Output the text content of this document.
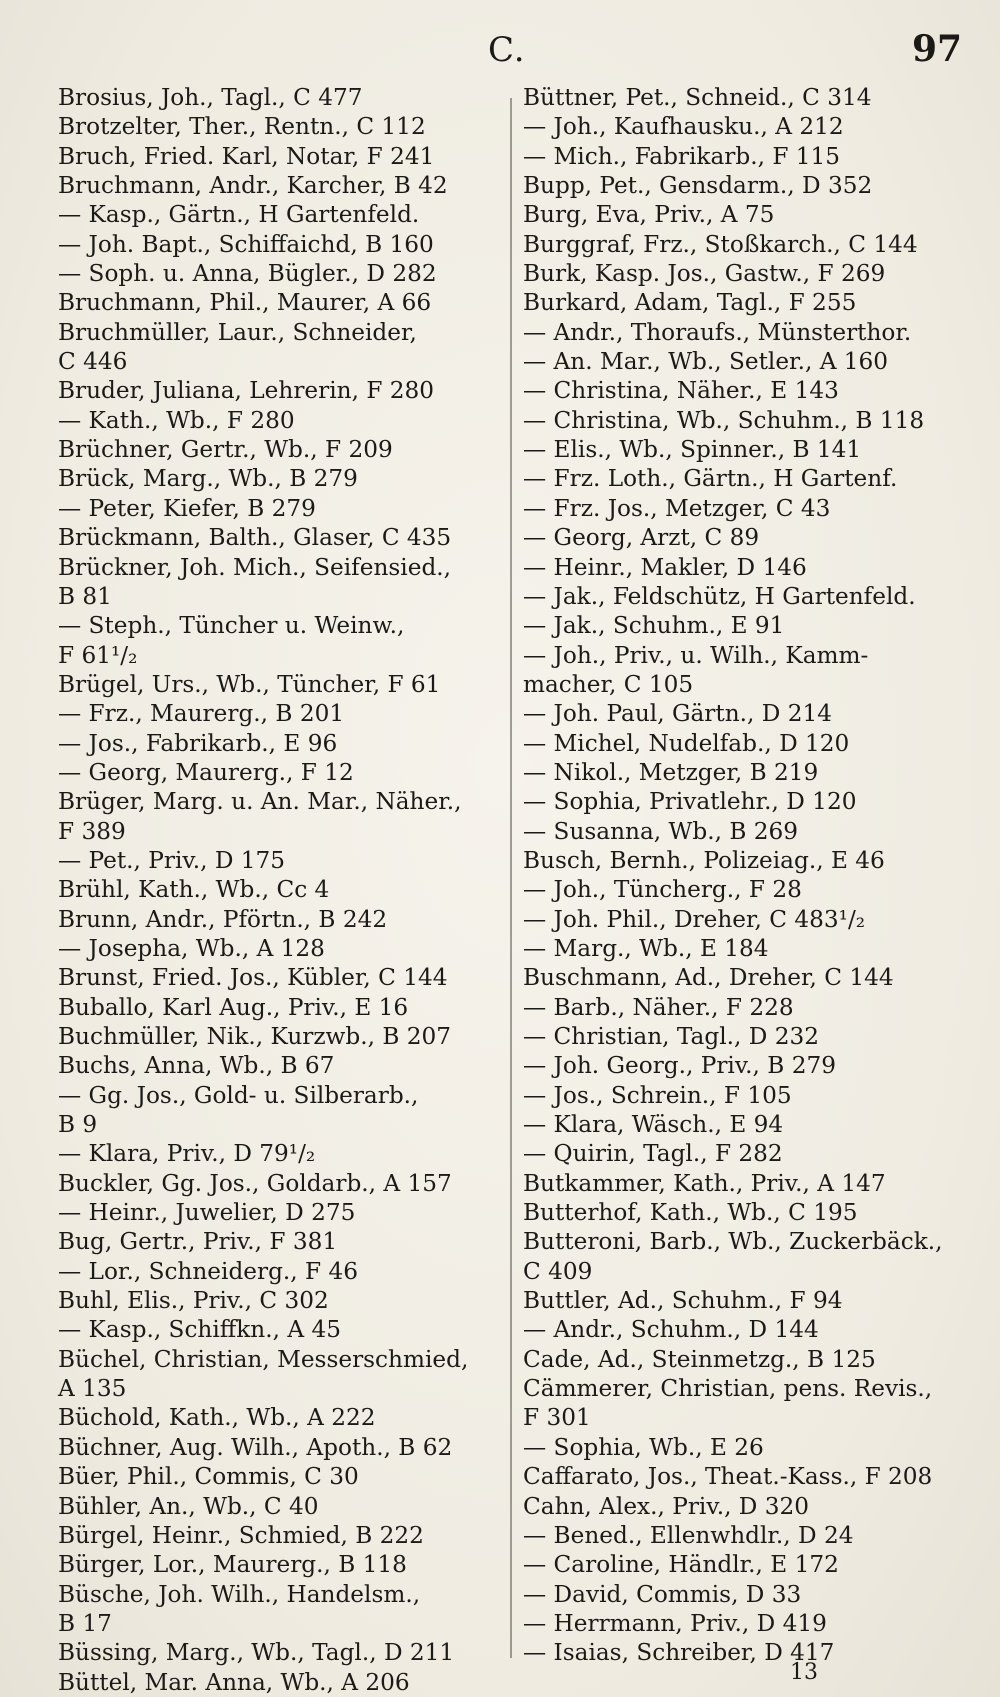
C.	97
Brosius, Joh., Tagl., C 477
Brotzelter, Ther., Rentn., C 112
Bruch, Fried. Karl, Notar, F 241
Bruchmann, Andr., Karcher, B 42
— Kasp., Gärtn., H Gartenfeld.
— Joh. Bapt., Schiffaichd, B 160
— Soph. u. Anna, Bügler., D 282
Bruchmann, Phil., Maurer, A 66
Bruchmüller, Laur., Schneider,
C 446
Bruder, Juliana, Lehrerin, F 280
— Kath., Wb., F 280
Brüchner, Gertr., Wb., F 209
Brück, Marg., Wb., B 279
— Peter, Kiefer, B 279
Brückmann, Balth., Glaser, C 435
Brückner, Joh. Mich., Seifensied.,
B 81
— Steph., Tüncher u. Weinw.,
F 61¹/₂
Brügel, Urs., Wb., Tüncher, F 61
— Frz., Maurerg., B 201
— Jos., Fabrikarb., E 96
— Georg, Maurerg., F 12
Brüger, Marg. u. An. Mar., Näher.,
F 389
— Pet., Priv., D 175
Brühl, Kath., Wb., Cc 4
Brunn, Andr., Pförtn., B 242
— Josepha, Wb., A 128
Brunst, Fried. Jos., Kübler, C 144
Buballo, Karl Aug., Priv., E 16
Buchmüller, Nik., Kurzwb., B 207
Buchs, Anna, Wb., B 67
— Gg. Jos., Gold- u. Silberarb.,
B 9
— Klara, Priv., D 79¹/₂
Buckler, Gg. Jos., Goldarb., A 157
— Heinr., Juwelier, D 275
Bug, Gertr., Priv., F 381
— Lor., Schneiderg., F 46
Buhl, Elis., Priv., C 302
— Kasp., Schiffkn., A 45
Büchel, Christian, Messerschmied,
A 135
Büchold, Kath., Wb., A 222
Büchner, Aug. Wilh., Apoth., B 62
Büer, Phil., Commis, C 30
Bühler, An., Wb., C 40
Bürgel, Heinr., Schmied, B 222
Bürger, Lor., Maurerg., B 118
Büsche, Joh. Wilh., Handelsm.,
B 17
Büssing, Marg., Wb., Tagl., D 211
Büttel, Mar. Anna, Wb., A 206
Büttner, Pet., Schneid., C 314
— Joh., Kaufhausku., A 212
— Mich., Fabrikarb., F 115
Bupp, Pet., Gensdarm., D 352
Burg, Eva, Priv., A 75
Burggraf, Frz., Stoßkarch., C 144
Burk, Kasp. Jos., Gastw., F 269
Burkard, Adam, Tagl., F 255
— Andr., Thoraufs., Münsterthor.
— An. Mar., Wb., Setler., A 160
— Christina, Näher., E 143
— Christina, Wb., Schuhm., B 118
— Elis., Wb., Spinner., B 141
— Frz. Loth., Gärtn., H Gartenf.
— Frz. Jos., Metzger, C 43
— Georg, Arzt, C 89
— Heinr., Makler, D 146
— Jak., Feldschütz, H Gartenfeld.
— Jak., Schuhm., E 91
— Joh., Priv., u. Wilh., Kamm-
macher, C 105
— Joh. Paul, Gärtn., D 214
— Michel, Nudelfab., D 120
— Nikol., Metzger, B 219
— Sophia, Privatlehr., D 120
— Susanna, Wb., B 269
Busch, Bernh., Polizeiag., E 46
— Joh., Tüncherg., F 28
— Joh. Phil., Dreher, C 483¹/₂
— Marg., Wb., E 184
Buschmann, Ad., Dreher, C 144
— Barb., Näher., F 228
— Christian, Tagl., D 232
— Joh. Georg., Priv., B 279
— Jos., Schrein., F 105
— Klara, Wäsch., E 94
— Quirin, Tagl., F 282
Butkammer, Kath., Priv., A 147
Butterhof, Kath., Wb., C 195
Butteroni, Barb., Wb., Zuckerbäck.,
C 409
Buttler, Ad., Schuhm., F 94
— Andr., Schuhm., D 144
Cade, Ad., Steinmetzg., B 125
Cämmerer, Christian, pens. Revis.,
F 301
— Sophia, Wb., E 26
Caffarato, Jos., Theat.-Kass., F 208
Cahn, Alex., Priv., D 320
— Bened., Ellenwhdlr., D 24
— Caroline, Händlr., E 172
— David, Commis, D 33
— Herrmann, Priv., D 419
— Isaias, Schreiber, D 417
13
